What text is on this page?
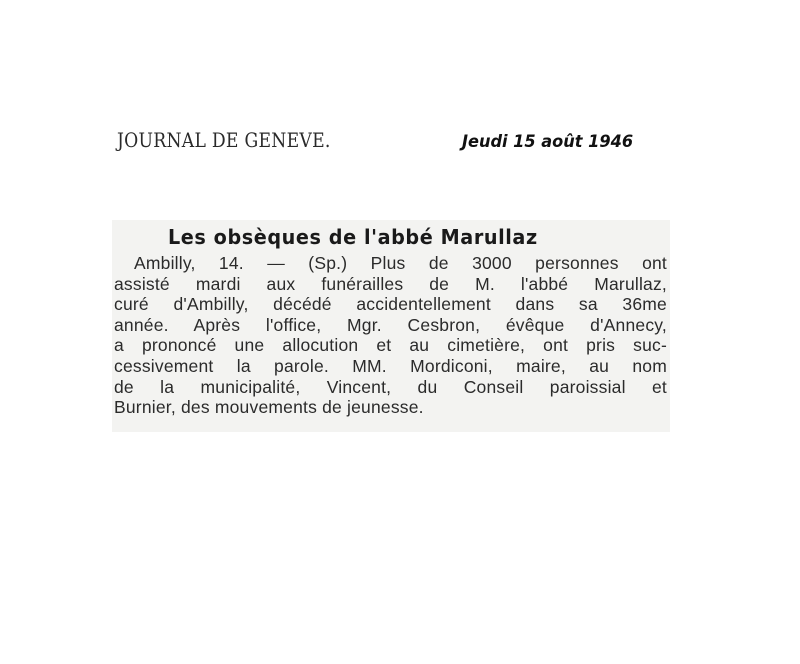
JOURNAL DE GENEVE.	Jeudi 15 août 1946
Les obsèques de l'abbé Marullaz
Ambilly, 14. — (Sp.) Plus de 3000 personnes ont
assisté mardi aux funérailles de M. l'abbé Marullaz,
curé d'Ambilly, décédé accidentellement dans sa 36me
année. Après l'office, Mgr. Cesbron, évêque d'Annecy,
a prononcé une allocution et au cimetière, ont pris suc-
cessivement la parole. MM. Mordiconi, maire, au nom
de la municipalité, Vincent, du Conseil paroissial et
Burnier, des mouvements de jeunesse.
